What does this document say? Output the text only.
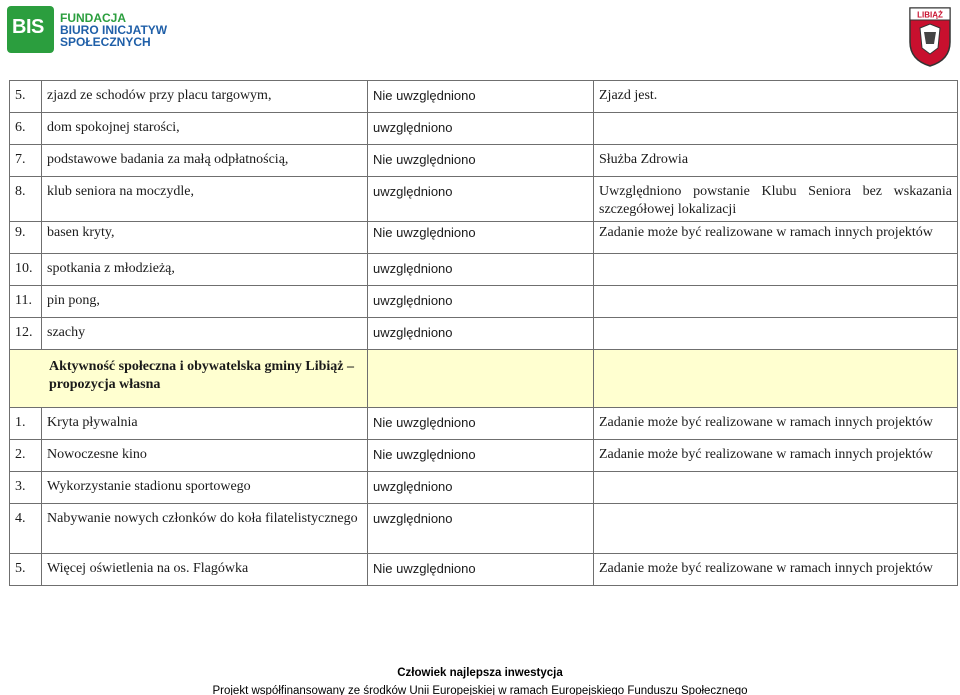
BIS FUNDACJA
BIURO INICJATYW
SPOŁECZNYCH
LIBIĄŻ
5.	zjazd ze schodów przy placu targowym,	Nie uwzględniono	Zjazd jest.
6.	dom spokojnej starości,	uwzględniono	
7.	podstawowe badania za małą odpłatnością,	Nie uwzględniono	Służba Zdrowia
8.	klub seniora na moczydle,	uwzględniono	Uwzględniono powstanie Klubu Seniora bez wskazania szczegółowej lokalizacji
9.	basen kryty,	Nie uwzględniono	Zadanie może być realizowane w ramach innych projektów
10.	spotkania z młodzieżą,	uwzględniono	
11.	pin pong,	uwzględniono	
12.	szachy	uwzględniono	

Aktywność społeczna i obywatelska gminy Libiąż – propozycja własna			

1.	Kryta pływalnia	Nie uwzględniono	Zadanie może być realizowane w ramach innych projektów
2.	Nowoczesne kino	Nie uwzględniono	Zadanie może być realizowane w ramach innych projektów
3.	Wykorzystanie stadionu sportowego	uwzględniono	
4.	Nabywanie nowych członków do koła filatelistycznego	uwzględniono	
5.	Więcej oświetlenia na os. Flagówka	Nie uwzględniono	Zadanie może być realizowane w ramach innych projektów
Człowiek najlepsza inwestycja
Projekt współfinansowany ze środków Unii Europejskiej w ramach Europejskiego Funduszu Społecznego
